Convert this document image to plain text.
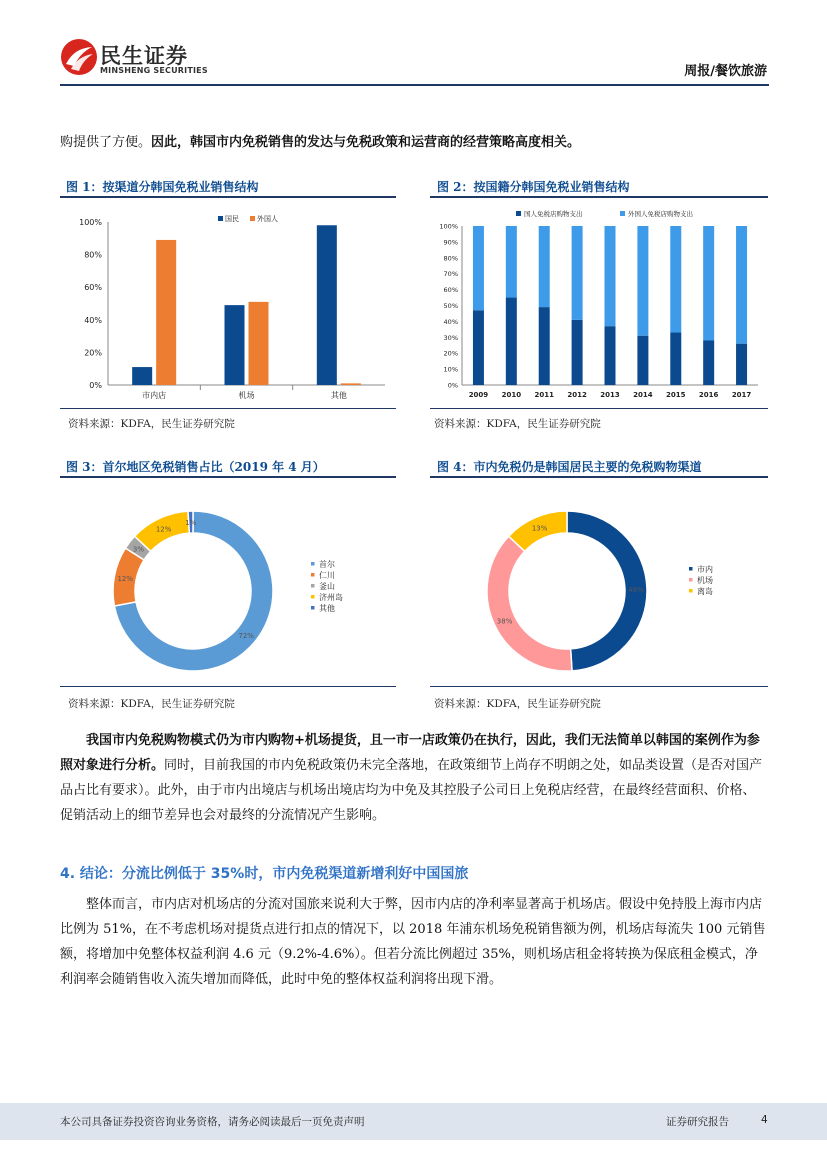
民生证券
MINSHENG SECURITIES	周报/餐饮旅游
购提供了方便。因此，韩国市内免税销售的发达与免税政策和运营商的经营策略高度相关。
图 1：按渠道分韩国免税业销售结构
0%
20%
40%
60%
80%
100%
市内店	机场	其他
国民	外国人
资料来源：KDFA，民生证券研究院
图 2：按国籍分韩国免税业销售结构
0%
10%
20%
30%
40%
50%
60%
70%
80%
90%
100%
2009 2010 2011 2012 2013 2014 2015 2016 2017
国人免税店购物支出	外国人免税店购物支出
资料来源：KDFA，民生证券研究院
图 3：首尔地区免税销售占比（2019 年 4 月）
72%
12%
3%
12%
1%
首尔
仁川
釜山
济州岛
其他
资料来源：KDFA，民生证券研究院
图 4：市内免税仍是韩国居民主要的免税购物渠道
49%
38%
13%
市内
机场
离岛
资料来源：KDFA，民生证券研究院
我国市内免税购物模式仍为市内购物+机场提货，且一市一店政策仍在执行，因此，我们无法简单以韩国的案例作为参照对象进行分析。同时，目前我国的市内免税政策仍未完全落地，在政策细节上尚存不明朗之处，如品类设置（是否对国产品占比有要求）。此外，由于市内出境店与机场出境店均为中免及其控股子公司日上免税店经营，在最终经营面积、价格、促销活动上的细节差异也会对最终的分流情况产生影响。
4. 结论：分流比例低于 35%时，市内免税渠道新增利好中国国旅
整体而言，市内店对机场店的分流对国旅来说利大于弊，因市内店的净利率显著高于机场店。假设中免持股上海市内店比例为 51%，在不考虑机场对提货点进行扣点的情况下，以 2018 年浦东机场免税销售额为例，机场店每流失 100 元销售额，将增加中免整体权益利润 4.6 元（9.2%-4.6%）。但若分流比例超过 35%，则机场店租金将转换为保底租金模式，净利润率会随销售收入流失增加而降低，此时中免的整体权益利润将出现下滑。
本公司具备证券投资咨询业务资格，请务必阅读最后一页免责声明	证券研究报告	4
